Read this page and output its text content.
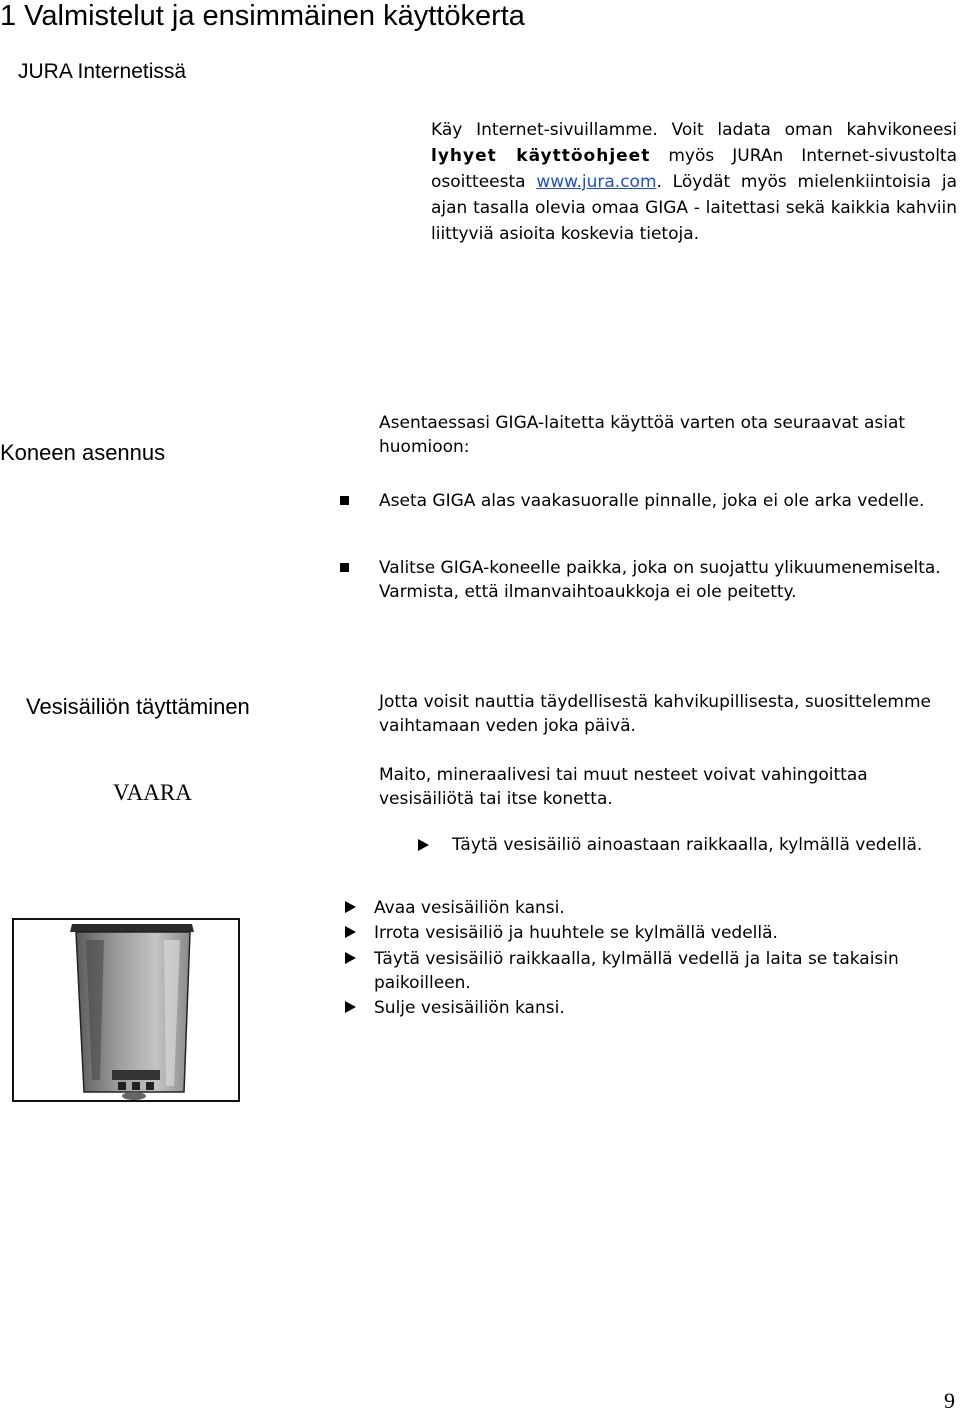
1 Valmistelut ja ensimmäinen käyttökerta
JURA Internetissä
Käy Internet-sivuillamme. Voit ladata oman kahvikoneesi lyhyet käyttöohjeet myös JURAn Internet-sivustolta osoitteesta www.jura.com. Löydät myös mielenkiintoisia ja ajan tasalla olevia omaa GIGA - laitettasi sekä kaikkia kahviin liittyviä asioita koskevia tietoja.
Koneen asennus
Asentaessasi GIGA-laitetta käyttöä varten ota seuraavat asiat huomioon:
Aseta GIGA alas vaakasuoralle pinnalle, joka ei ole arka vedelle.
Valitse GIGA-koneelle paikka, joka on suojattu ylikuumenemiselta. Varmista, että ilmanvaihtoaukkoja ei ole peitetty.
Vesisäiliön täyttäminen	Jotta voisit nauttia täydellisestä kahvikupillisesta, suosittelemme vaihtamaan veden joka päivä.
VAARA
Maito, mineraalivesi tai muut nesteet voivat vahingoittaa vesisäiliötä tai itse konetta.
Täytä vesisäiliö ainoastaan raikkaalla, kylmällä vedellä.
Avaa vesisäiliön kansi.
Irrota vesisäiliö ja huuhtele se kylmällä vedellä.
Täytä vesisäiliö raikkaalla, kylmällä vedellä ja laita se takaisin paikoilleen.
Sulje vesisäiliön kansi.
9
